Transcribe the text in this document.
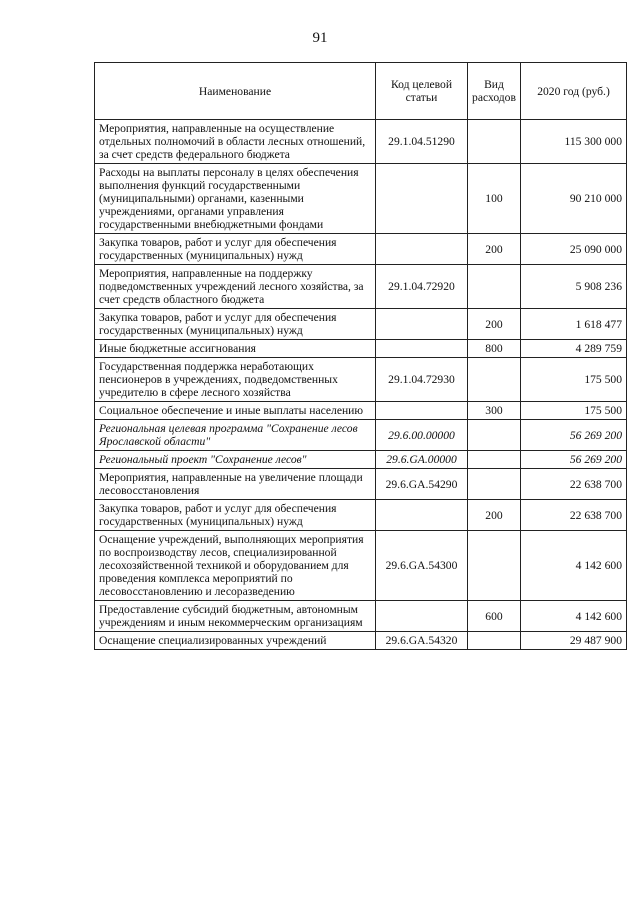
91
Наименование	Код целевой статьи	Вид расходов	2020 год (руб.)
Мероприятия, направленные на осуществление отдельных полномочий в области лесных отношений, за счет средств федерального бюджета	29.1.04.51290		115 300 000
Расходы на выплаты персоналу в целях обеспечения выполнения функций государственными (муниципальными) органами, казенными учреждениями, органами управления государственными внебюджетными фондами		100	90 210 000
Закупка товаров, работ и услуг для обеспечения государственных (муниципальных) нужд		200	25 090 000
Мероприятия, направленные на поддержку подведомственных учреждений лесного хозяйства, за счет средств областного бюджета	29.1.04.72920		5 908 236
Закупка товаров, работ и услуг для обеспечения государственных (муниципальных) нужд		200	1 618 477
Иные бюджетные ассигнования		800	4 289 759
Государственная поддержка неработающих пенсионеров в учреждениях, подведомственных учредителю в сфере лесного хозяйства	29.1.04.72930		175 500
Социальное обеспечение и иные выплаты населению		300	175 500
Региональная целевая программа "Сохранение лесов Ярославской области"	29.6.00.00000		56 269 200
Региональный проект "Сохранение лесов"	29.6.GA.00000		56 269 200
Мероприятия, направленные на увеличение площади лесовосстановления	29.6.GA.54290		22 638 700
Закупка товаров, работ и услуг для обеспечения государственных (муниципальных) нужд		200	22 638 700
Оснащение учреждений, выполняющих мероприятия по воспроизводству лесов, специализированной лесохозяйственной техникой и оборудованием для проведения комплекса мероприятий по лесовосстановлению и лесоразведению	29.6.GA.54300		4 142 600
Предоставление субсидий бюджетным, автономным учреждениям и иным некоммерческим организациям		600	4 142 600
Оснащение специализированных учреждений	29.6.GA.54320		29 487 900
